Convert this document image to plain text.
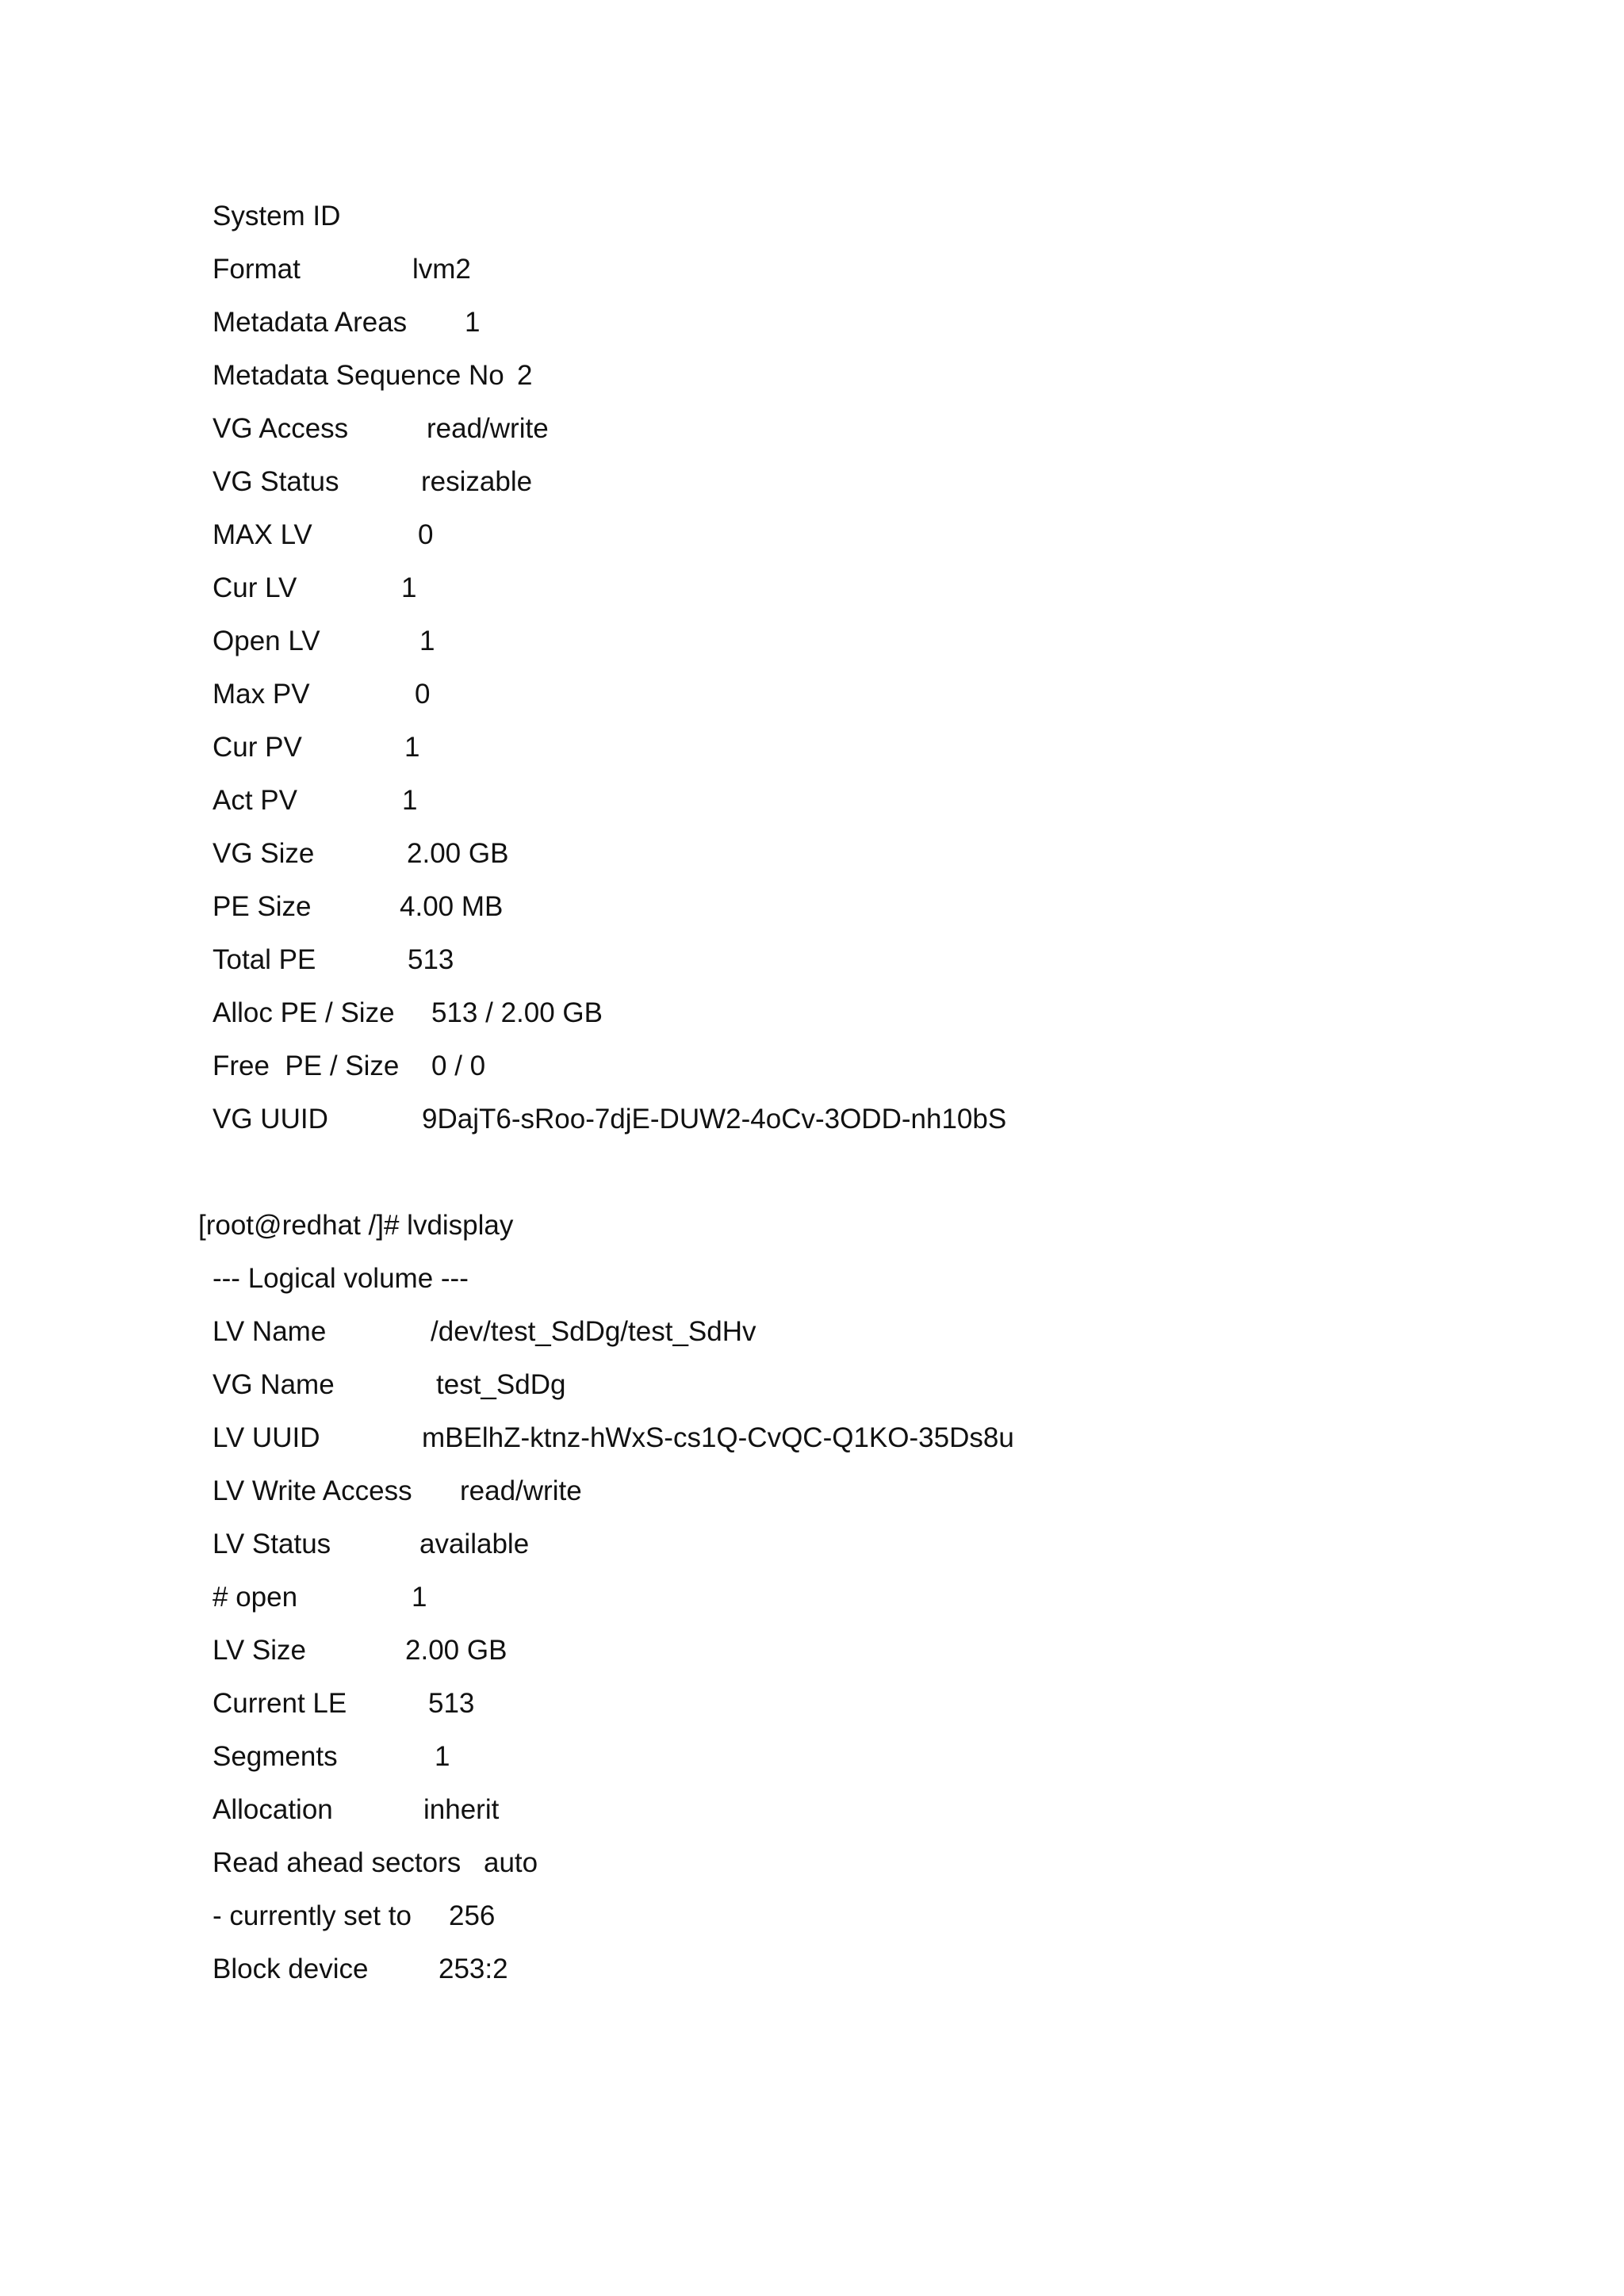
System ID
Format	lvm2
Metadata Areas 1
Metadata Sequence No 2
VG Access	read/write
VG Status	resizable
MAX LV	0
Cur LV	1
Open LV	1
Max PV	0
Cur PV	1
Act PV	1
VG Size	2.00 GB
PE Size	4.00 MB
Total PE	513
Alloc PE / Size 513 / 2.00 GB
Free  PE / Size 0 / 0
VG UUID	9DajT6-sRoo-7djE-DUW2-4oCv-3ODD-nh10bS
[root@redhat /]# lvdisplay
--- Logical volume ---
LV Name	/dev/test_SdDg/test_SdHv
VG Name	test_SdDg
LV UUID	mBElhZ-ktnz-hWxS-cs1Q-CvQC-Q1KO-35Ds8u
LV Write Access read/write
LV Status	available
# open	1
LV Size	2.00 GB
Current LE	513
Segments	1
Allocation	inherit
Read ahead sectors auto
- currently set to 256
Block device	253:2
